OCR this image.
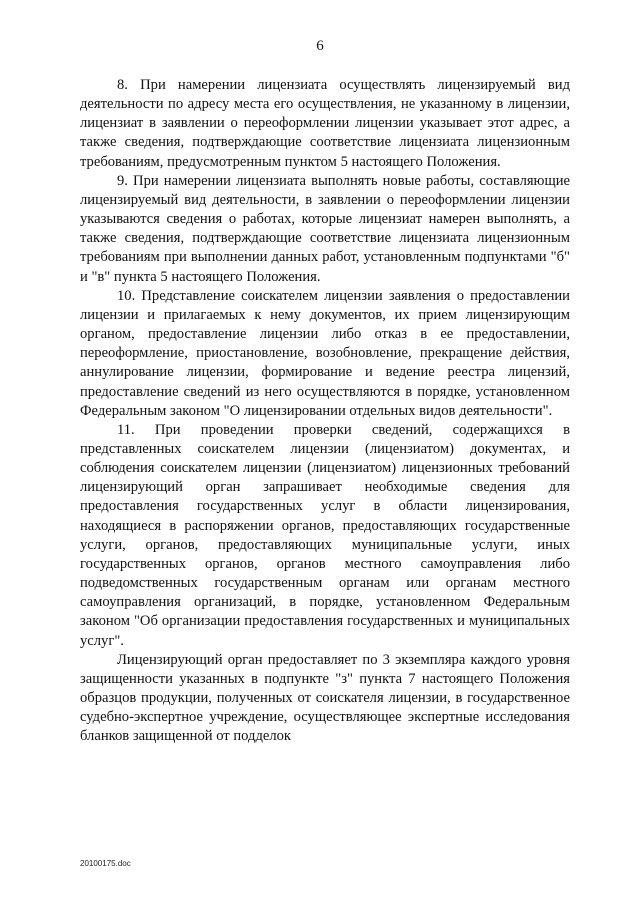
6

8. При намерении лицензиата осуществлять лицензируемый вид деятельности по адресу места его осуществления, не указанному в лицензии, лицензиат в заявлении о переоформлении лицензии указывает этот адрес, а также сведения, подтверждающие соответствие лицензиата лицензионным требованиям, предусмотренным пунктом 5 настоящего Положения.

9. При намерении лицензиата выполнять новые работы, составляющие лицензируемый вид деятельности, в заявлении о переоформлении лицензии указываются сведения о работах, которые лицензиат намерен выполнять, а также сведения, подтверждающие соответствие лицензиата лицензионным требованиям при выполнении данных работ, установленным подпунктами "б" и "в" пункта 5 настоящего Положения.

10. Представление соискателем лицензии заявления о предоставлении лицензии и прилагаемых к нему документов, их прием лицензирующим органом, предоставление лицензии либо отказ в ее предоставлении, переоформление, приостановление, возобновление, прекращение действия, аннулирование лицензии, формирование и ведение реестра лицензий, предоставление сведений из него осуществляются в порядке, установленном Федеральным законом "О лицензировании отдельных видов деятельности".

11. При проведении проверки сведений, содержащихся в представленных соискателем лицензии (лицензиатом) документах, и соблюдения соискателем лицензии (лицензиатом) лицензионных требований лицензирующий орган запрашивает необходимые сведения для предоставления государственных услуг в области лицензирования, находящиеся в распоряжении органов, предоставляющих государственные услуги, органов, предоставляющих муниципальные услуги, иных государственных органов, органов местного самоуправления либо подведомственных государственным органам или органам местного самоуправления организаций, в порядке, установленном Федеральным законом "Об организации предоставления государственных и муниципальных услуг".

Лицензирующий орган предоставляет по 3 экземпляра каждого уровня защищенности указанных в подпункте "з" пункта 7 настоящего Положения образцов продукции, полученных от соискателя лицензии, в государственное судебно-экспертное учреждение, осуществляющее экспертные исследования бланков защищенной от подделок

20100175.doc
